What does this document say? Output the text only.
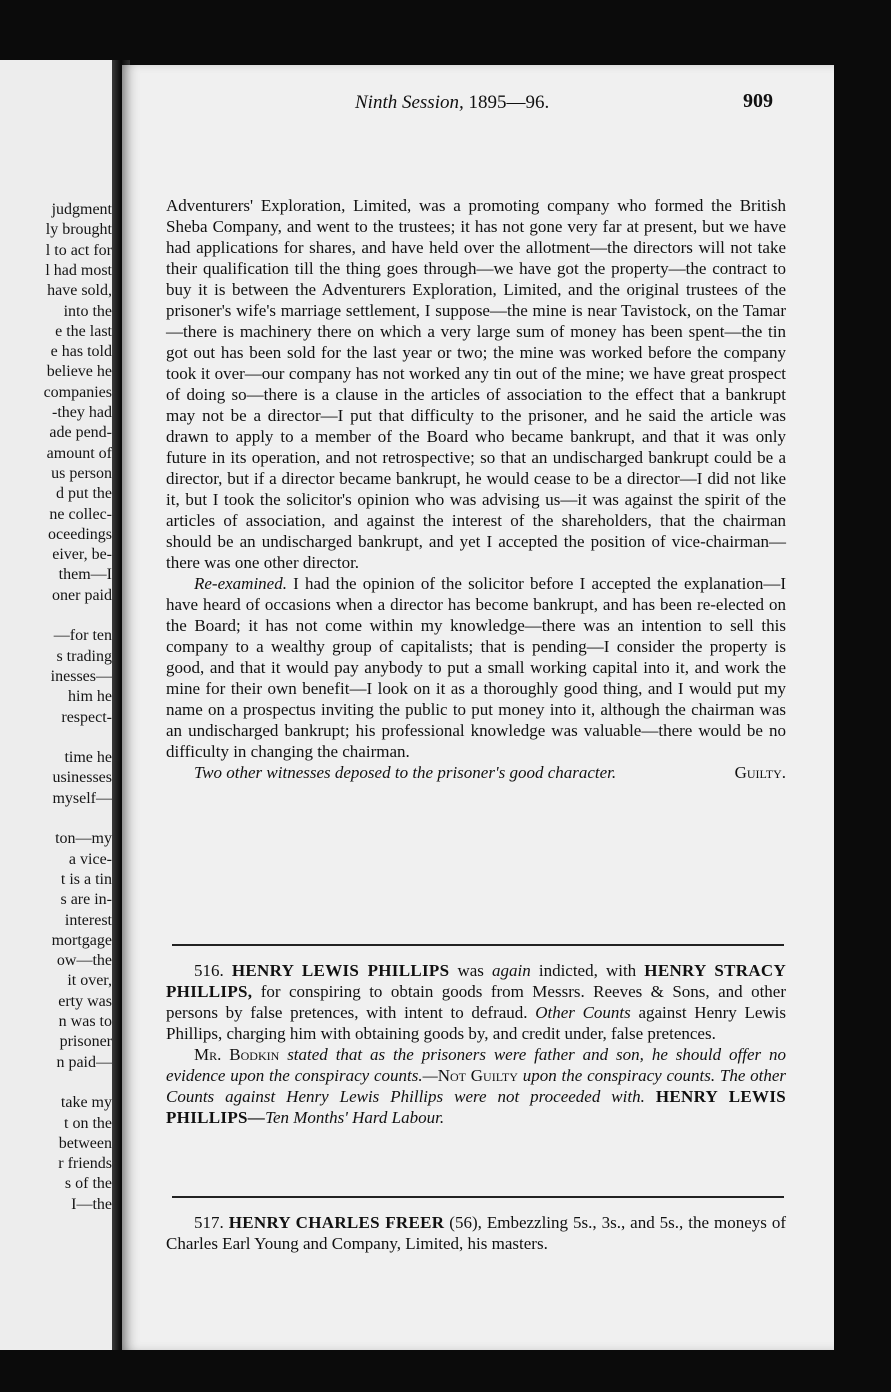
judgment
ly brought
l to act for
l had most
have sold,
into the
e the last
e has told
believe he
companies
-they had
ade pend-
amount of
us person
d put the
ne collec-
oceedings
eiver, be-
them—I
oner paid
—for ten
s trading
inesses—
him he
respect-
time he
usinesses
myself—
ton—my
a vice-
t is a tin
s are in-
interest
mortgage
ow—the
it over,
erty was
n was to
prisoner
n paid—
take my
t on the
between
r friends
s of the
I—the
Ninth Session, 1895—96.	909

Adventurers' Exploration, Limited, was a promoting company who formed the British Sheba Company, and went to the trustees; it has not gone very far at present, but we have had applications for shares, and have held over the allotment—the directors will not take their qualification till the thing goes through—we have got the property—the contract to buy it is between the Adventurers Exploration, Limited, and the original trustees of the prisoner's wife's marriage settlement, I suppose—the mine is near Tavistock, on the Tamar—there is machinery there on which a very large sum of money has been spent—the tin got out has been sold for the last year or two; the mine was worked before the company took it over—our company has not worked any tin out of the mine; we have great prospect of doing so—there is a clause in the articles of association to the effect that a bankrupt may not be a director—I put that difficulty to the prisoner, and he said the article was drawn to apply to a member of the Board who became bankrupt, and that it was only future in its operation, and not retrospective; so that an undischarged bankrupt could be a director, but if a director became bankrupt, he would cease to be a director—I did not like it, but I took the solicitor's opinion who was advising us—it was against the spirit of the articles of association, and against the interest of the shareholders, that the chairman should be an undischarged bankrupt, and yet I accepted the position of vice-chairman—there was one other director.

Re-examined. I had the opinion of the solicitor before I accepted the explanation—I have heard of occasions when a director has become bankrupt, and has been re-elected on the Board; it has not come within my knowledge—there was an intention to sell this company to a wealthy group of capitalists; that is pending—I consider the property is good, and that it would pay anybody to put a small working capital into it, and work the mine for their own benefit—I look on it as a thoroughly good thing, and I would put my name on a prospectus inviting the public to put money into it, although the chairman was an undischarged bankrupt; his professional knowledge was valuable—there would be no difficulty in changing the chairman.

Two other witnesses deposed to the prisoner's good character.	Guilty.

516. HENRY LEWIS PHILLIPS was again indicted, with HENRY STRACY PHILLIPS, for conspiring to obtain goods from Messrs. Reeves & Sons, and other persons by false pretences, with intent to defraud. Other Counts against Henry Lewis Phillips, charging him with obtaining goods by, and credit under, false pretences.

Mr. Bodkin stated that as the prisoners were father and son, he should offer no evidence upon the conspiracy counts.—Not Guilty upon the conspiracy counts. The other Counts against Henry Lewis Phillips were not proceeded with. HENRY LEWIS PHILLIPS—Ten Months' Hard Labour.

517. HENRY CHARLES FREER (56), Embezzling 5s., 3s., and 5s., the moneys of Charles Earl Young and Company, Limited, his masters.
